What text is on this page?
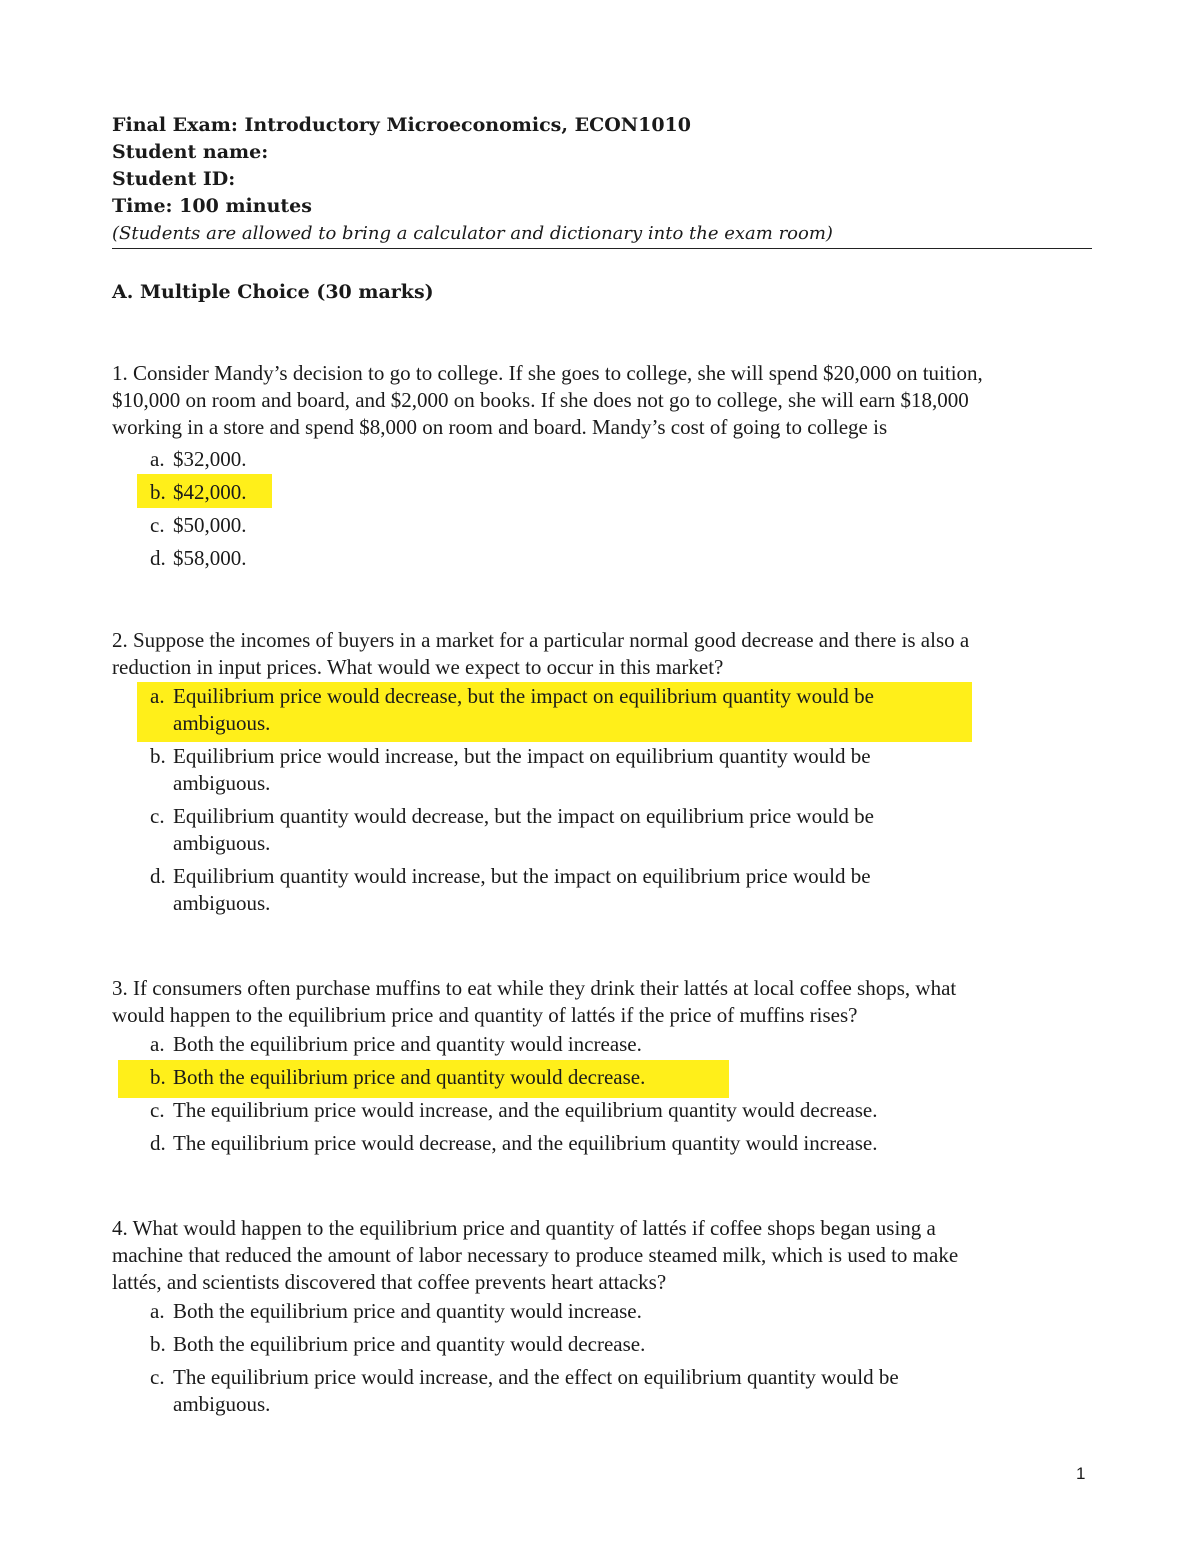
Final Exam: Introductory Microeconomics, ECON1010
Student name:
Student ID:
Time: 100 minutes
(Students are allowed to bring a calculator and dictionary into the exam room)
A. Multiple Choice (30 marks)
1. Consider Mandy’s decision to go to college. If she goes to college, she will spend $20,000 on tuition,
$10,000 on room and board, and $2,000 on books. If she does not go to college, she will earn $18,000
working in a store and spend $8,000 on room and board. Mandy’s cost of going to college is
a. $32,000.
b. $42,000.
c. $50,000.
d. $58,000.
2. Suppose the incomes of buyers in a market for a particular normal good decrease and there is also a
reduction in input prices. What would we expect to occur in this market?
a. Equilibrium price would decrease, but the impact on equilibrium quantity would be
ambiguous.
b. Equilibrium price would increase, but the impact on equilibrium quantity would be
ambiguous.
c. Equilibrium quantity would decrease, but the impact on equilibrium price would be
ambiguous.
d. Equilibrium quantity would increase, but the impact on equilibrium price would be
ambiguous.
3. If consumers often purchase muffins to eat while they drink their lattés at local coffee shops, what
would happen to the equilibrium price and quantity of lattés if the price of muffins rises?
a. Both the equilibrium price and quantity would increase.
b. Both the equilibrium price and quantity would decrease.
c. The equilibrium price would increase, and the equilibrium quantity would decrease.
d. The equilibrium price would decrease, and the equilibrium quantity would increase.
4. What would happen to the equilibrium price and quantity of lattés if coffee shops began using a
machine that reduced the amount of labor necessary to produce steamed milk, which is used to make
lattés, and scientists discovered that coffee prevents heart attacks?
a. Both the equilibrium price and quantity would increase.
b. Both the equilibrium price and quantity would decrease.
c. The equilibrium price would increase, and the effect on equilibrium quantity would be
ambiguous.
1
